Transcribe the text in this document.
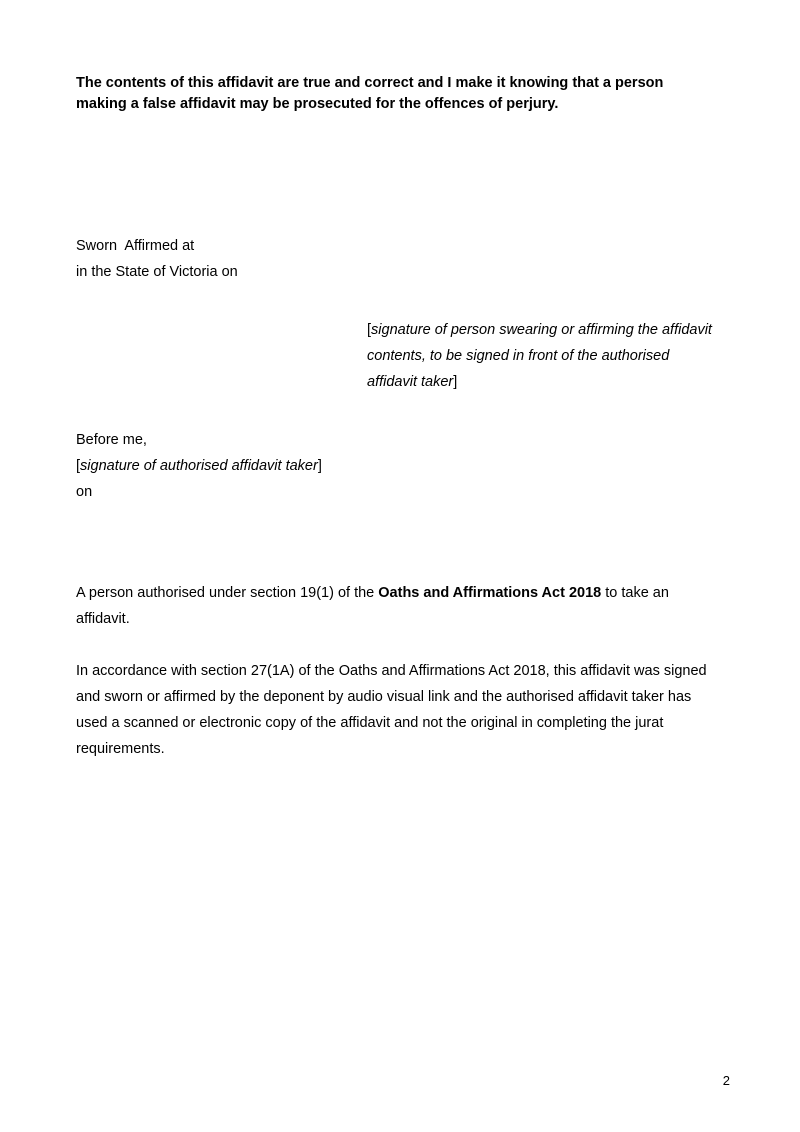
The contents of this affidavit are true and correct and I make it knowing that a person
making a false affidavit may be prosecuted for the offences of perjury.
Sworn Affirmed at
in the State of Victoria on
[signature of person swearing or affirming the affidavit
contents, to be signed in front of the authorised
affidavit taker]
Before me,
[signature of authorised affidavit taker]
on
A person authorised under section 19(1) of the Oaths and Affirmations Act 2018 to take an
affidavit.
In accordance with section 27(1A) of the Oaths and Affirmations Act 2018, this affidavit was signed
and sworn or affirmed by the deponent by audio visual link and the authorised affidavit taker has
used a scanned or electronic copy of the affidavit and not the original in completing the jurat
requirements.
2
